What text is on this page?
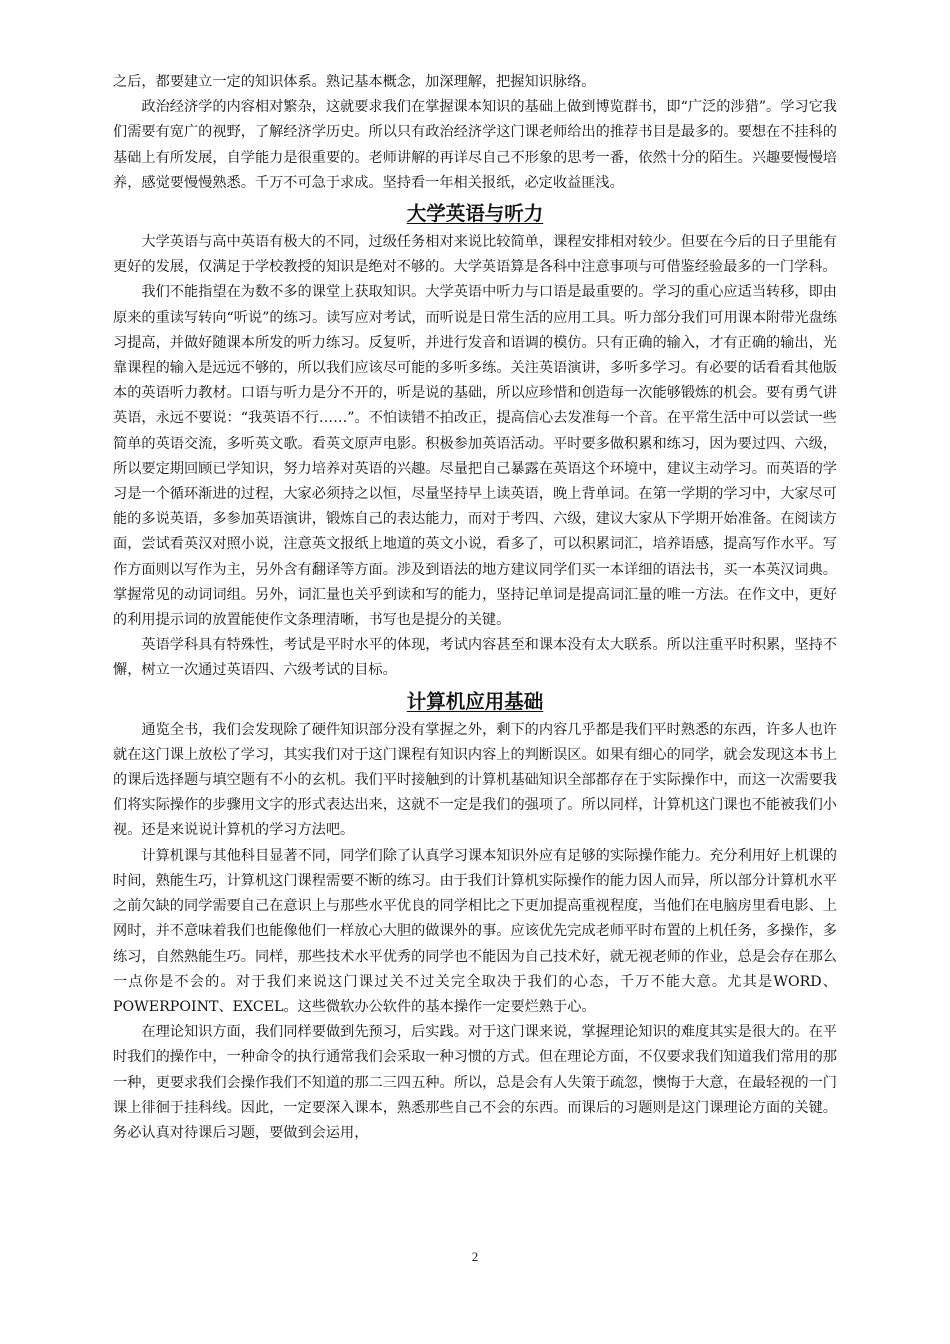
之后，都要建立一定的知识体系。熟记基本概念，加深理解，把握知识脉络。

政治经济学的内容相对繁杂，这就要求我们在掌握课本知识的基础上做到博览群书，即“广泛的涉猎”。学习它我们需要有宽广的视野，了解经济学历史。所以只有政治经济学这门课老师给出的推荐书目是最多的。要想在不挂科的基础上有所发展，自学能力是很重要的。老师讲解的再详尽自己不形象的思考一番，依然十分的陌生。兴趣要慢慢培养，感觉要慢慢熟悉。千万不可急于求成。坚持看一年相关报纸，必定收益匪浅。

大学英语与听力

大学英语与高中英语有极大的不同，过级任务相对来说比较简单，课程安排相对较少。但要在今后的日子里能有更好的发展，仅满足于学校教授的知识是绝对不够的。大学英语算是各科中注意事项与可借鉴经验最多的一门学科。

我们不能指望在为数不多的课堂上获取知识。大学英语中听力与口语是最重要的。学习的重心应适当转移，即由原来的重读写转向“听说”的练习。读写应对考试，而听说是日常生活的应用工具。听力部分我们可用课本附带光盘练习提高，并做好随课本所发的听力练习。反复听，并进行发音和语调的模仿。只有正确的输入，才有正确的输出，光靠课程的输入是远远不够的，所以我们应该尽可能的多听多练。关注英语演讲，多听多学习。有必要的话看看其他版本的英语听力教材。口语与听力是分不开的，听是说的基础，所以应珍惜和创造每一次能够锻炼的机会。要有勇气讲英语，永远不要说：“我英语不行……”。不怕读错不拍改正，提高信心去发准每一个音。在平常生活中可以尝试一些简单的英语交流，多听英文歌。看英文原声电影。积极参加英语活动。平时要多做积累和练习，因为要过四、六级，所以要定期回顾已学知识，努力培养对英语的兴趣。尽量把自己暴露在英语这个环境中，建议主动学习。而英语的学习是一个循环渐进的过程，大家必须持之以恒，尽量坚持早上读英语，晚上背单词。在第一学期的学习中，大家尽可能的多说英语，多参加英语演讲，锻炼自己的表达能力，而对于考四、六级，建议大家从下学期开始准备。在阅读方面，尝试看英汉对照小说，注意英文报纸上地道的英文小说，看多了，可以积累词汇，培养语感，提高写作水平。写作方面则以写作为主，另外含有翻译等方面。涉及到语法的地方建议同学们买一本详细的语法书，买一本英汉词典。掌握常见的动词词组。另外，词汇量也关乎到读和写的能力，坚持记单词是提高词汇量的唯一方法。在作文中，更好的利用提示词的放置能使作文条理清晰，书写也是提分的关键。

英语学科具有特殊性，考试是平时水平的体现，考试内容甚至和课本没有太大联系。所以注重平时积累，坚持不懈，树立一次通过英语四、六级考试的目标。

计算机应用基础

通览全书，我们会发现除了硬件知识部分没有掌握之外，剩下的内容几乎都是我们平时熟悉的东西，许多人也许就在这门课上放松了学习，其实我们对于这门课程有知识内容上的判断误区。如果有细心的同学，就会发现这本书上的课后选择题与填空题有不小的玄机。我们平时接触到的计算机基础知识全部都存在于实际操作中，而这一次需要我们将实际操作的步骤用文字的形式表达出来，这就不一定是我们的强项了。所以同样，计算机这门课也不能被我们小视。还是来说说计算机的学习方法吧。

计算机课与其他科目显著不同，同学们除了认真学习课本知识外应有足够的实际操作能力。充分利用好上机课的时间，熟能生巧，计算机这门课程需要不断的练习。由于我们计算机实际操作的能力因人而异，所以部分计算机水平之前欠缺的同学需要自己在意识上与那些水平优良的同学相比之下更加提高重视程度，当他们在电脑房里看电影、上网时，并不意味着我们也能像他们一样放心大胆的做课外的事。应该优先完成老师平时布置的上机任务，多操作，多练习，自然熟能生巧。同样，那些技术水平优秀的同学也不能因为自己技术好，就无视老师的作业，总是会存在那么一点你是不会的。对于我们来说这门课过关不过关完全取决于我们的心态，千万不能大意。尤其是WORD、POWERPOINT、EXCEL。这些微软办公软件的基本操作一定要烂熟于心。

在理论知识方面，我们同样要做到先预习，后实践。对于这门课来说，掌握理论知识的难度其实是很大的。在平时我们的操作中，一种命令的执行通常我们会采取一种习惯的方式。但在理论方面，不仅要求我们知道我们常用的那一种，更要求我们会操作我们不知道的那二三四五种。所以，总是会有人失策于疏忽，懊悔于大意，在最轻视的一门课上徘徊于挂科线。因此，一定要深入课本，熟悉那些自己不会的东西。而课后的习题则是这门课理论方面的关键。务必认真对待课后习题，要做到会运用，

2
